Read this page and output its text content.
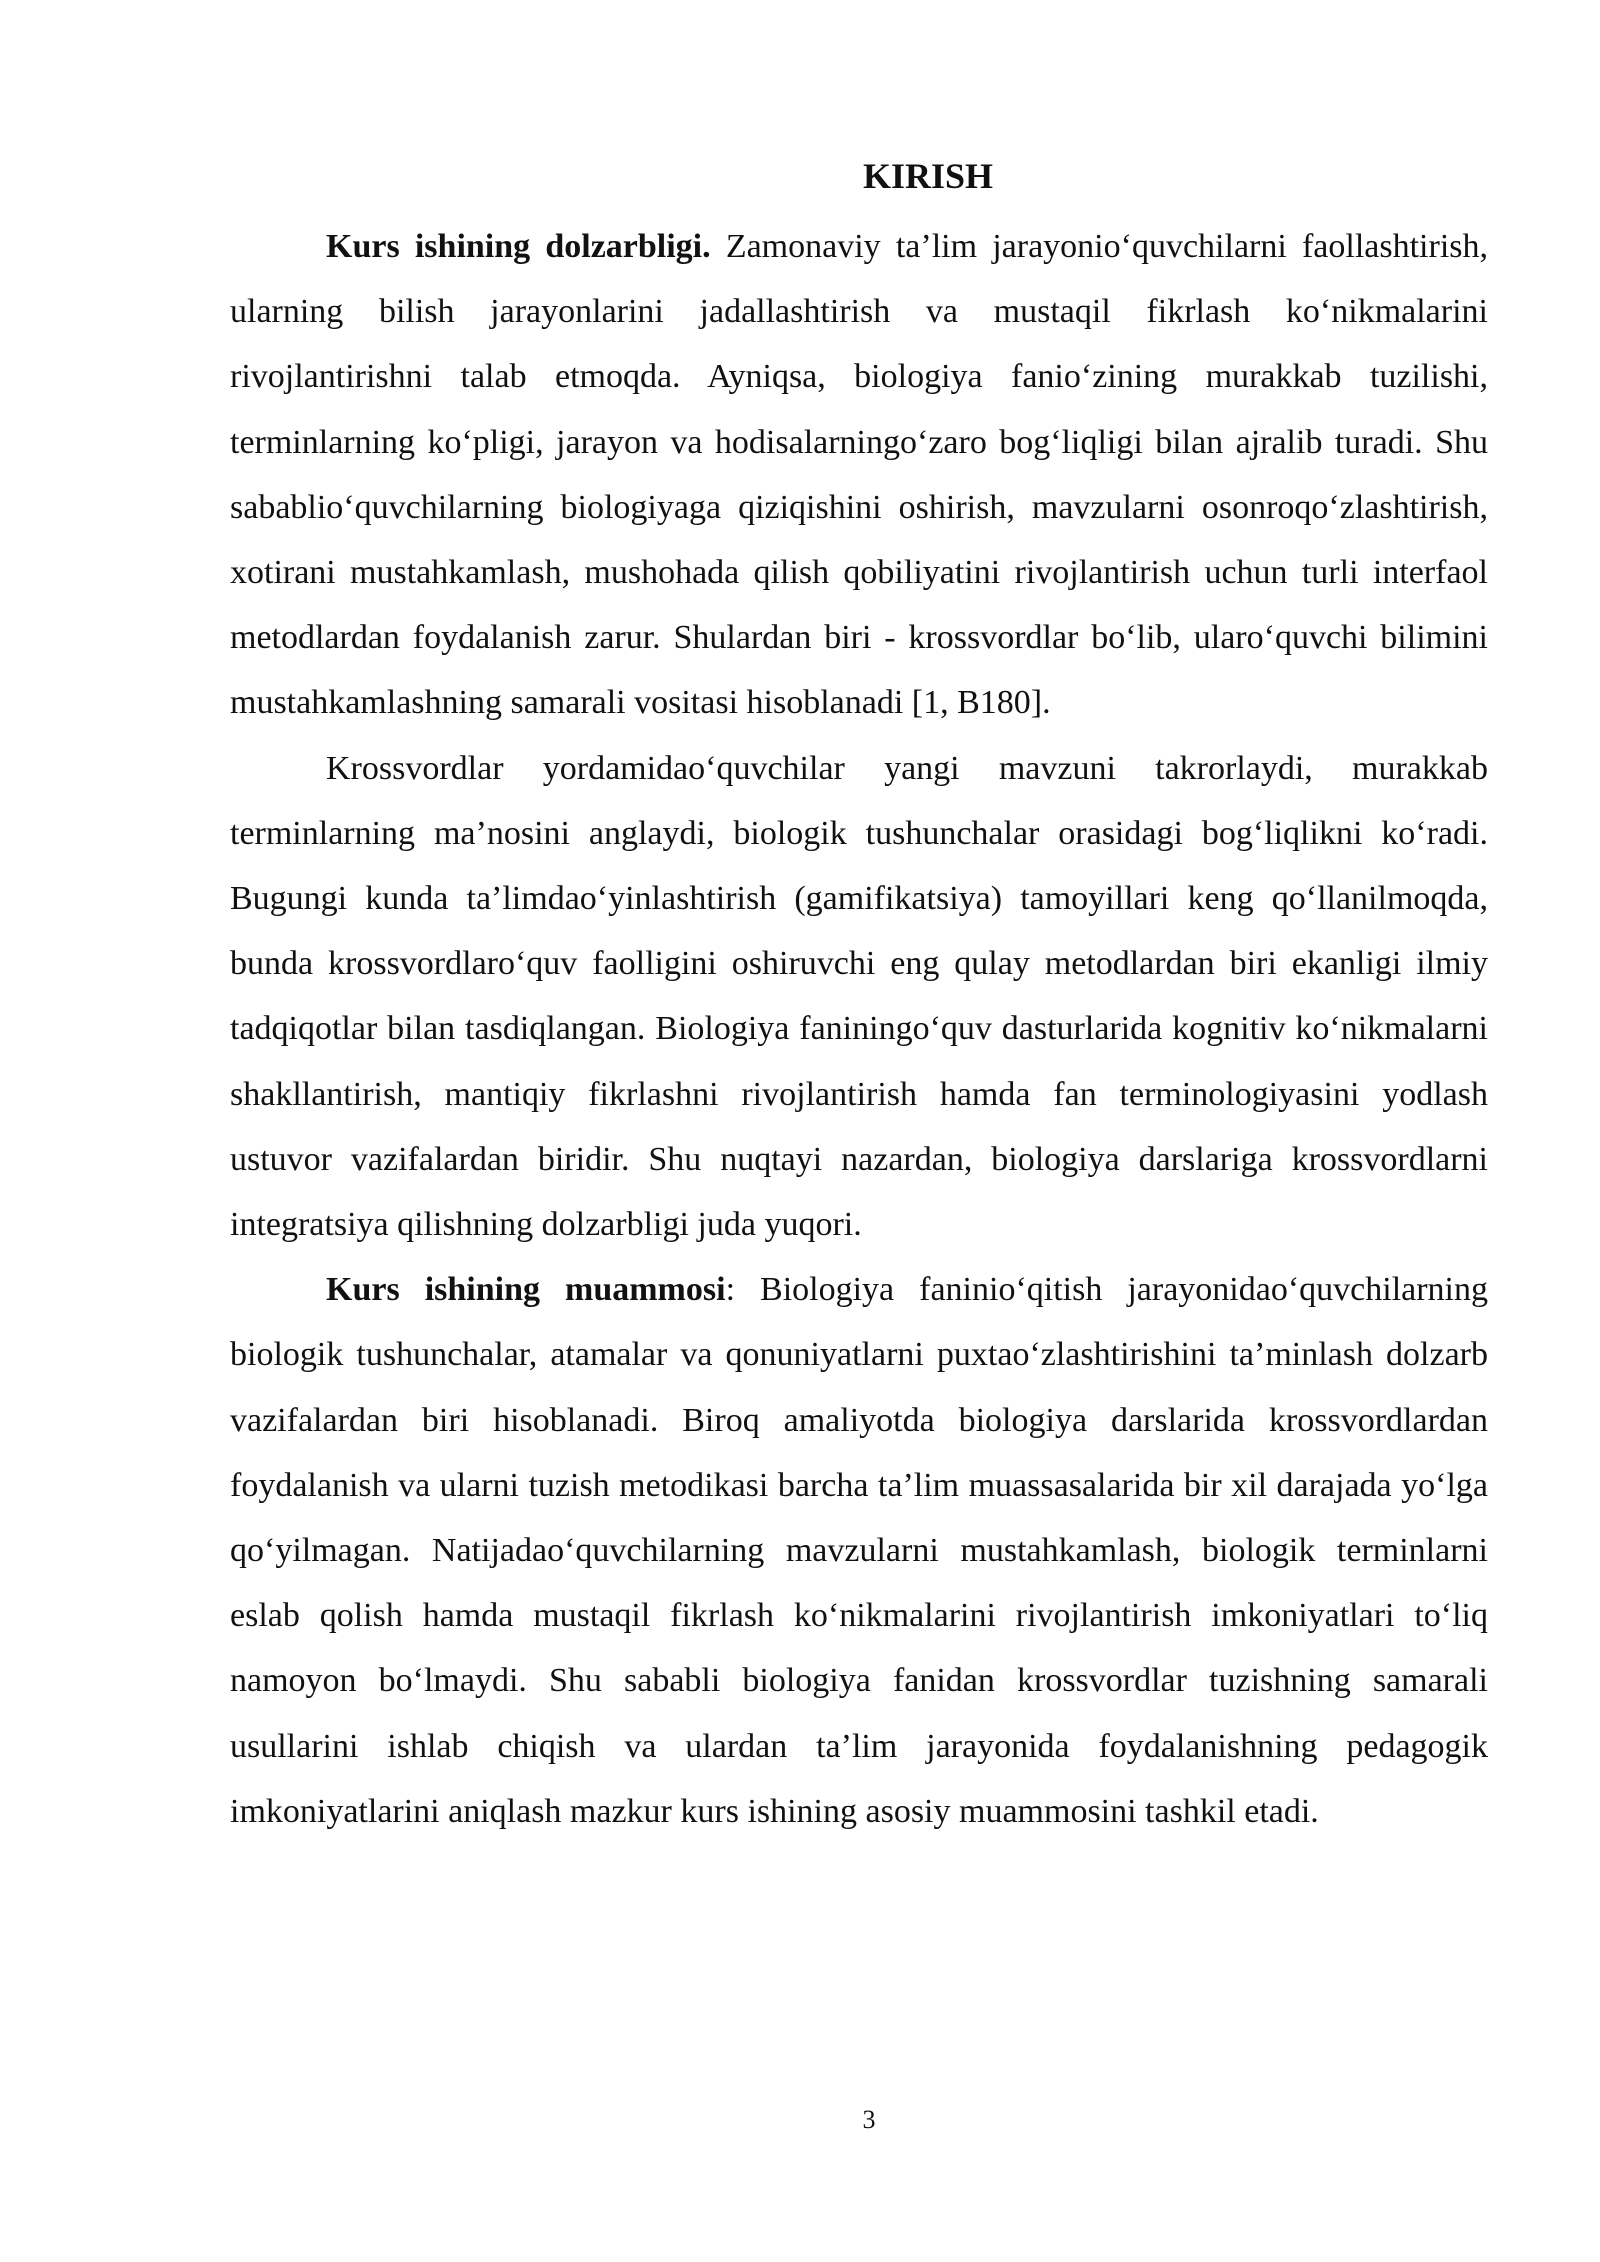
KIRISH

Kurs ishining dolzarbligi. Zamonaviy ta’lim jarayonio‘quvchilarni faollashtirish, ularning bilish jarayonlarini jadallashtirish va mustaqil fikrlash ko‘nikmalarini rivojlantirishni talab etmoqda. Ayniqsa, biologiya fanio‘zining murakkab tuzilishi, terminlarning ko‘pligi, jarayon va hodisalarningo‘zaro bog‘liqligi bilan ajralib turadi. Shu sababliо‘quvchilarning biologiyaga qiziqishini oshirish, mavzularni osonroqo‘zlashtirish, xotirani mustahkamlash, mushohada qilish qobiliyatini rivojlantirish uchun turli interfaol metodlardan foydalanish zarur. Shulardan biri - krossvordlar bo‘lib, ularo‘quvchi bilimini mustahkamlashning samarali vositasi hisoblanadi [1, B180].

Krossvordlar yordamidao‘quvchilar yangi mavzuni takrorlaydi, murakkab terminlarning ma’nosini anglaydi, biologik tushunchalar orasidagi bog‘liqlikni ko‘radi. Bugungi kunda ta’limdao‘yinlashtirish (gamifikatsiya) tamoyillari keng qo‘llanilmoqda, bunda krossvordlaro‘quv faolligini oshiruvchi eng qulay metodlardan biri ekanligi ilmiy tadqiqotlar bilan tasdiqlangan. Biologiya faniningo‘quv dasturlarida kognitiv ko‘nikmalarni shakllantirish, mantiqiy fikrlashni rivojlantirish hamda fan terminologiyasini yodlash ustuvor vazifalardan biridir. Shu nuqtayi nazardan, biologiya darslariga krossvordlarni integratsiya qilishning dolzarbligi juda yuqori.

Kurs ishining muammosi: Biologiya faninio‘qitish jarayonidao‘quvchilarning biologik tushunchalar, atamalar va qonuniyatlarni puxtao‘zlashtirishini ta’minlash dolzarb vazifalardan biri hisoblanadi. Biroq amaliyotda biologiya darslarida krossvordlardan foydalanish va ularni tuzish metodikasi barcha ta’lim muassasalarida bir xil darajada yo‘lga qo‘yilmagan. Natijadao‘quvchilarning mavzularni mustahkamlash, biologik terminlarni eslab qolish hamda mustaqil fikrlash ko‘nikmalarini rivojlantirish imkoniyatlari to‘liq namoyon bo‘lmaydi. Shu sababli biologiya fanidan krossvordlar tuzishning samarali usullarini ishlab chiqish va ulardan ta’lim jarayonida foydalanishning pedagogik imkoniyatlarini aniqlash mazkur kurs ishining asosiy muammosini tashkil etadi.

3
